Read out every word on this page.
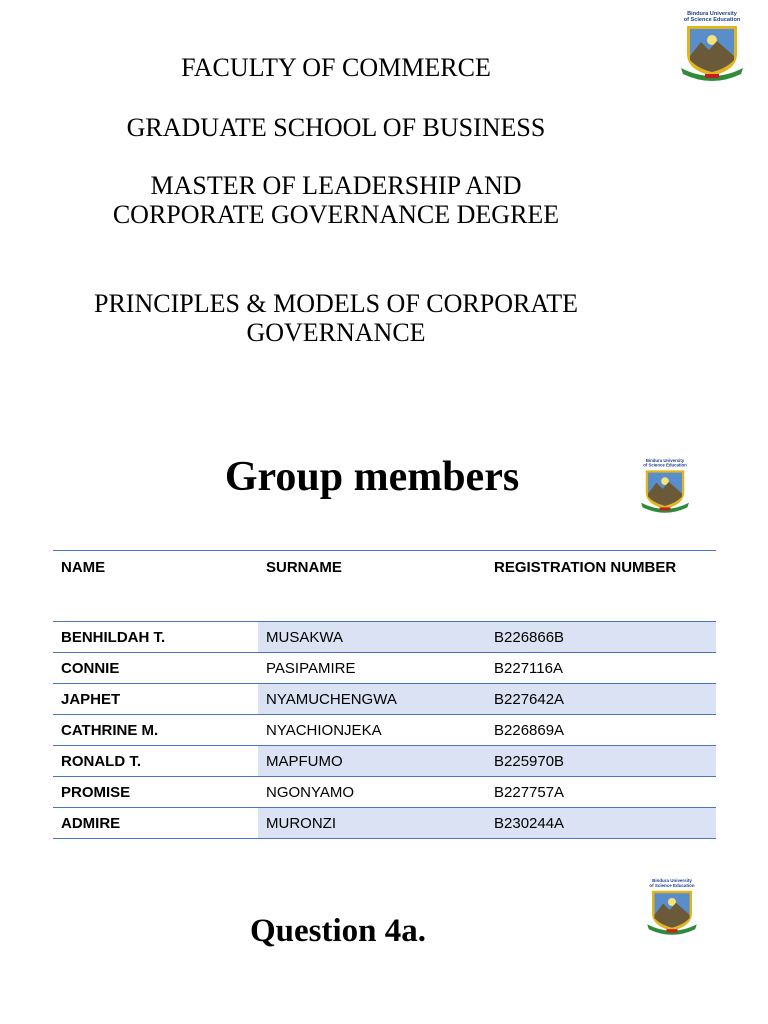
FACULTY OF COMMERCE
GRADUATE SCHOOL OF BUSINESS
MASTER OF LEADERSHIP AND
CORPORATE GOVERNANCE DEGREE
PRINCIPLES & MODELS OF CORPORATE
GOVERNANCE
Bindura University
of Science Education
Group members	Bindura University
of Science Education
NAME	SURNAME	REGISTRATION NUMBER
BENHILDAH T.	MUSAKWA	B226866B
CONNIE	PASIPAMIRE	B227116A
JAPHET	NYAMUCHENGWA	B227642A
CATHRINE M.	NYACHIONJEKA	B226869A
RONALD T.	MAPFUMO	B225970B
PROMISE	NGONYAMO	B227757A
ADMIRE	MURONZI	B230244A
Bindura University
of Science Education
Question 4a.
